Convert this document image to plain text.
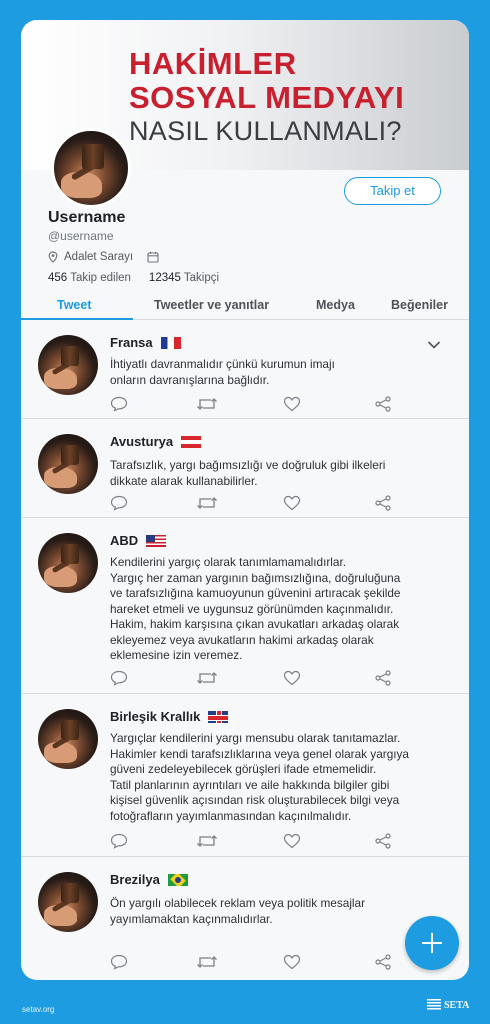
HAKİMLER
SOSYAL MEDYAYI
NASIL KULLANMALI?
Takip et
Username
@username
Adalet Sarayı
456 Takip edilen 12345 Takipçi
Tweet	Tweetler ve yanıtlar	Medya	Beğeniler
Fransa
İhtiyatlı davranmalıdır çünkü kurumun imajı
onların davranışlarına bağlıdır.
Avusturya
Tarafsızlık, yargı bağımsızlığı ve doğruluk gibi ilkeleri
dikkate alarak kullanabilirler.
ABD
Kendilerini yargıç olarak tanımlamamalıdırlar.
Yargıç her zaman yargının bağımsızlığına, doğruluğuna
ve tarafsızlığına kamuoyunun güvenini artıracak şekilde
hareket etmeli ve uygunsuz görünümden kaçınmalıdır.
Hakim, hakim karşısına çıkan avukatları arkadaş olarak
ekleyemez veya avukatların hakimi arkadaş olarak
eklemesine izin veremez.
Birleşik Krallık
Yargıçlar kendilerini yargı mensubu olarak tanıtamazlar.
Hakimler kendi tarafsızlıklarına veya genel olarak yargıya
güveni zedeleyebilecek görüşleri ifade etmemelidir.
Tatil planlarının ayrıntıları ve aile hakkında bilgiler gibi
kişisel güvenlik açısından risk oluşturabilecek bilgi veya
fotoğrafların yayımlanmasından kaçınılmalıdır.
Brezilya
Ön yargılı olabilecek reklam veya politik mesajlar
yayımlamaktan kaçınmalıdırlar.
setav.org	SETA
